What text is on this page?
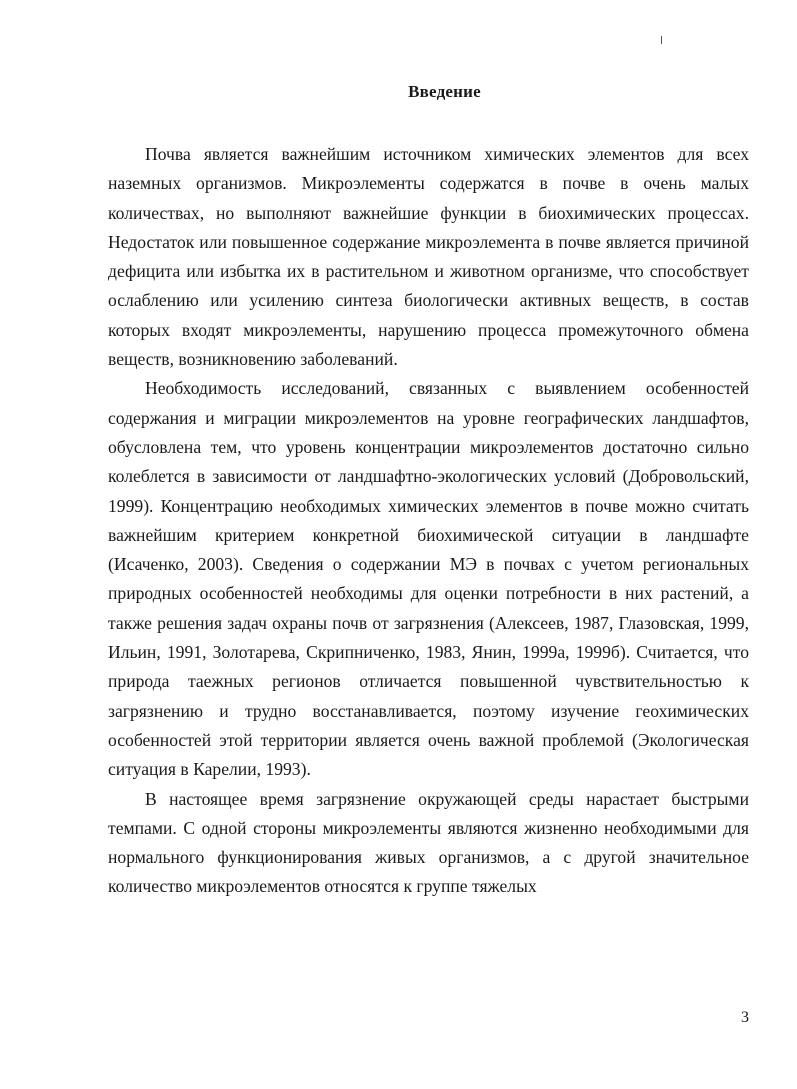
Введение

Почва является важнейшим источником химических элементов для всех наземных организмов. Микроэлементы содержатся в почве в очень малых количествах, но выполняют важнейшие функции в биохимических процессах. Недостаток или повышенное содержание микроэлемента в почве является причиной дефицита или избытка их в растительном и животном организме, что способствует ослаблению или усилению синтеза биологически активных веществ, в состав которых входят микроэлементы, нарушению процесса промежуточного обмена веществ, возникновению заболеваний.

Необходимость исследований, связанных с выявлением особенностей содержания и миграции микроэлементов на уровне географических ландшафтов, обусловлена тем, что уровень концентрации микроэлементов достаточно сильно колеблется в зависимости от ландшафтно-экологических условий (Добровольский, 1999). Концентрацию необходимых химических элементов в почве можно считать важнейшим критерием конкретной биохимической ситуации в ландшафте (Исаченко, 2003). Сведения о содержании МЭ в почвах с учетом региональных природных особенностей необходимы для оценки потребности в них растений, а также решения задач охраны почв от загрязнения (Алексеев, 1987, Глазовская, 1999, Ильин, 1991, Золотарева, Скрипниченко, 1983, Янин, 1999а, 1999б). Считается, что природа таежных регионов отличается повышенной чувствительностью к загрязнению и трудно восстанавливается, поэтому изучение геохимических особенностей этой территории является очень важной проблемой (Экологическая ситуация в Карелии, 1993).

В настоящее время загрязнение окружающей среды нарастает быстрыми темпами. С одной стороны микроэлементы являются жизненно необходимыми для нормального функционирования живых организмов, а с другой значительное количество микроэлементов относятся к группе тяжелых

3
